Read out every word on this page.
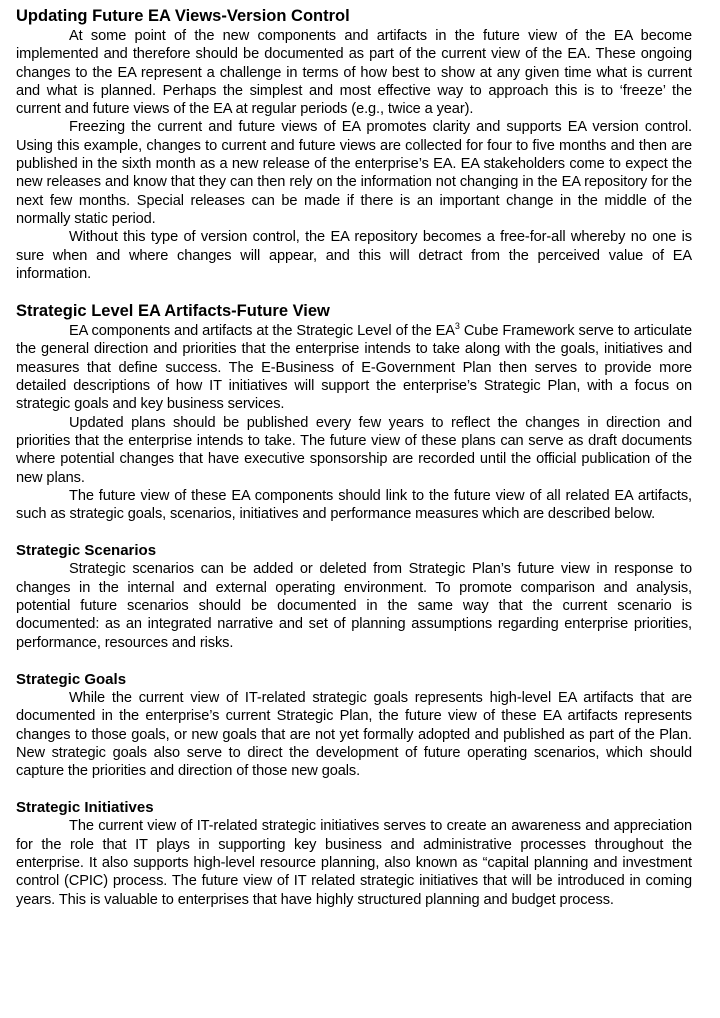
Updating Future EA Views-Version Control

At some point of the new components and artifacts in the future view of the EA become implemented and therefore should be documented as part of the current view of the EA. These ongoing changes to the EA represent a challenge in terms of how best to show at any given time what is current and what is planned. Perhaps the simplest and most effective way to approach this is to ‘freeze’ the current and future views of the EA at regular periods (e.g., twice a year).

Freezing the current and future views of EA promotes clarity and supports EA version control. Using this example, changes to current and future views are collected for four to five months and then are published in the sixth month as a new release of the enterprise’s EA. EA stakeholders come to expect the new releases and know that they can then rely on the information not changing in the EA repository for the next few months. Special releases can be made if there is an important change in the middle of the normally static period.

Without this type of version control, the EA repository becomes a free-for-all whereby no one is sure when and where changes will appear, and this will detract from the perceived value of EA information.

Strategic Level EA Artifacts-Future View

EA components and artifacts at the Strategic Level of the $EA^3$ Cube Framework serve to articulate the general direction and priorities that the enterprise intends to take along with the goals, initiatives and measures that define success. The E-Business of E-Government Plan then serves to provide more detailed descriptions of how IT initiatives will support the enterprise’s Strategic Plan, with a focus on strategic goals and key business services.

Updated plans should be published every few years to reflect the changes in direction and priorities that the enterprise intends to take. The future view of these plans can serve as draft documents where potential changes that have executive sponsorship are recorded until the official publication of the new plans.

The future view of these EA components should link to the future view of all related EA artifacts, such as strategic goals, scenarios, initiatives and performance measures which are described below.

Strategic Scenarios

Strategic scenarios can be added or deleted from Strategic Plan’s future view in response to changes in the internal and external operating environment. To promote comparison and analysis, potential future scenarios should be documented in the same way that the current scenario is documented: as an integrated narrative and set of planning assumptions regarding enterprise priorities, performance, resources and risks.

Strategic Goals

While the current view of IT-related strategic goals represents high-level EA artifacts that are documented in the enterprise’s current Strategic Plan, the future view of these EA artifacts represents changes to those goals, or new goals that are not yet formally adopted and published as part of the Plan. New strategic goals also serve to direct the development of future operating scenarios, which should capture the priorities and direction of those new goals.

Strategic Initiatives

The current view of IT-related strategic initiatives serves to create an awareness and appreciation for the role that IT plays in supporting key business and administrative processes throughout the enterprise. It also supports high-level resource planning, also known as “capital planning and investment control (CPIC) process. The future view of IT related strategic initiatives that will be introduced in coming years. This is valuable to enterprises that have highly structured planning and budget process.
